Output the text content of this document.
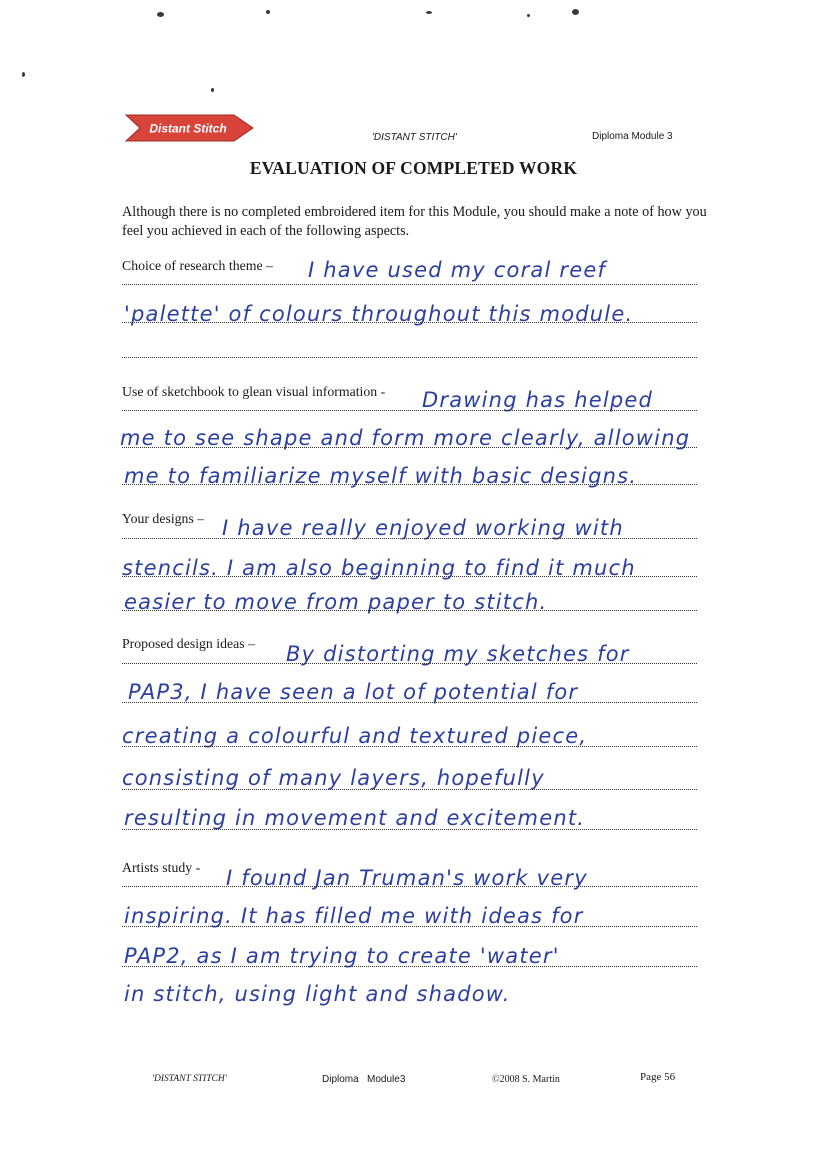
Distant Stitch
'DISTANT STITCH'	Diploma Module 3
EVALUATION OF COMPLETED WORK
Although there is no completed embroidered item for this Module, you should make a note of how you feel you achieved in each of the following aspects.
Choice of research theme – I have used my coral reef
'palette' of colours throughout this module.
Use of sketchbook to glean visual information - Drawing has helped
me to see shape and form more clearly, allowing
me to familiarize myself with basic designs.
Your designs – I have really enjoyed working with
stencils. I am also beginning to find it much
easier to move from paper to stitch.
Proposed design ideas – By distorting my sketches for
PAP3, I have seen a lot of potential for
creating a colourful and textured piece,
consisting of many layers, hopefully
resulting in movement and excitement.
Artists study - I found Jan Truman's work very
inspiring. It has filled me with ideas for
PAP2, as I am trying to create 'water'
in stitch, using light and shadow.
'DISTANT STITCH'	Diploma   Module3	©2008 S. Martin	Page 56
